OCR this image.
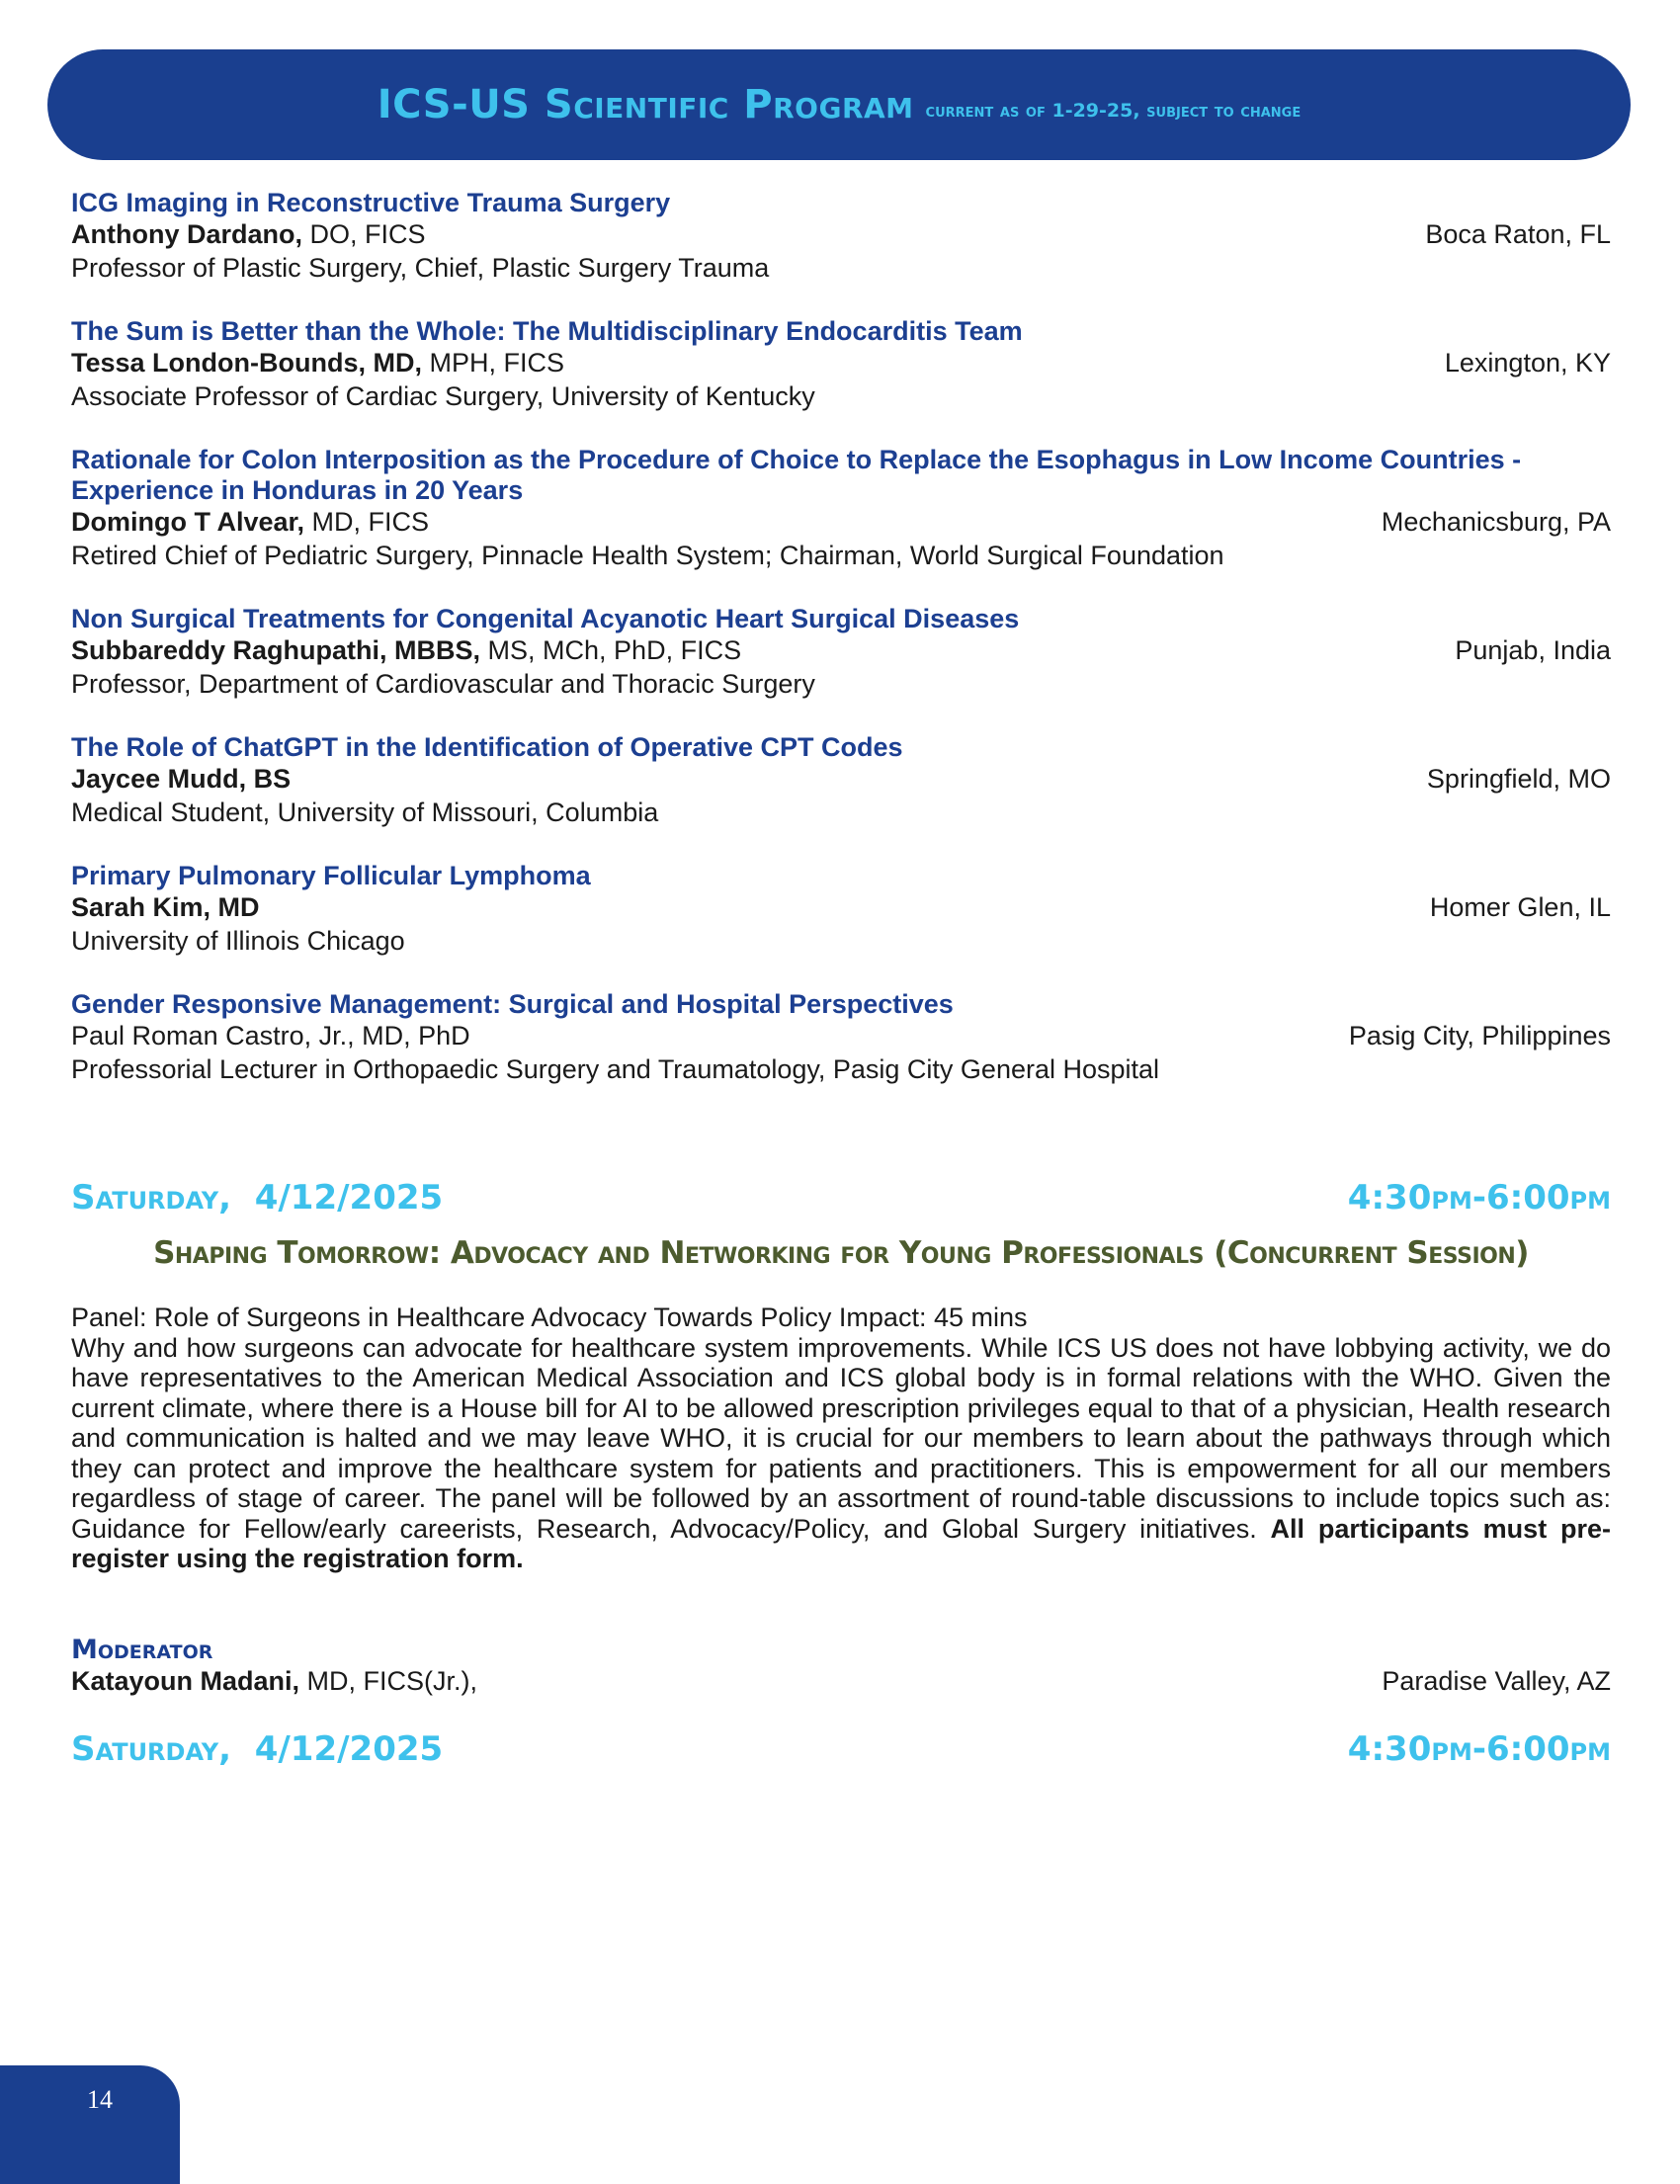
ICS-US Scientific Program current as of 1-29-25, subject to change
ICG Imaging in Reconstructive Trauma Surgery
Anthony Dardano, DO, FICS	Boca Raton, FL
Professor of Plastic Surgery, Chief, Plastic Surgery Trauma
The Sum is Better than the Whole: The Multidisciplinary Endocarditis Team
Tessa London-Bounds, MD, MPH, FICS	Lexington, KY
Associate Professor of Cardiac Surgery, University of Kentucky
Rationale for Colon Interposition as the Procedure of Choice to Replace the Esophagus in Low Income Countries - Experience in Honduras in 20 Years
Domingo T Alvear, MD, FICS	Mechanicsburg, PA
Retired Chief of Pediatric Surgery, Pinnacle Health System; Chairman, World Surgical Foundation
Non Surgical Treatments for Congenital Acyanotic Heart Surgical Diseases
Subbareddy Raghupathi, MBBS, MS, MCh, PhD, FICS	Punjab, India
Professor, Department of Cardiovascular and Thoracic Surgery
The Role of ChatGPT in the Identification of Operative CPT Codes
Jaycee Mudd, BS	Springfield, MO
Medical Student, University of Missouri, Columbia
Primary Pulmonary Follicular Lymphoma
Sarah Kim, MD	Homer Glen, IL
University of Illinois Chicago
Gender Responsive Management: Surgical and Hospital Perspectives
Paul Roman Castro, Jr., MD, PhD	Pasig City, Philippines
Professorial Lecturer in Orthopaedic Surgery and Traumatology, Pasig City General Hospital
Saturday, 4/12/2025	4:30pm-6:00pm
Shaping Tomorrow: Advocacy and Networking for Young Professionals (Concurrent Session)
Panel: Role of Surgeons in Healthcare Advocacy Towards Policy Impact: 45 mins
Why and how surgeons can advocate for healthcare system improvements. While ICS US does not have lobbying activity, we do have representatives to the American Medical Association and ICS global body is in formal relations with the WHO. Given the current climate, where there is a House bill for AI to be allowed prescription privileges equal to that of a physician, Health research and communication is halted and we may leave WHO, it is crucial for our members to learn about the pathways through which they can protect and improve the healthcare system for patients and practitioners. This is empowerment for all our members regardless of stage of career. The panel will be followed by an assortment of round-table discussions to include topics such as: Guidance for Fellow/early careerists, Research, Advocacy/Policy, and Global Surgery initiatives. All participants must pre-register using the registration form.
Moderator
Katayoun Madani, MD, FICS(Jr.),	Paradise Valley, AZ
Saturday, 4/12/2025	4:30pm-6:00pm
14
